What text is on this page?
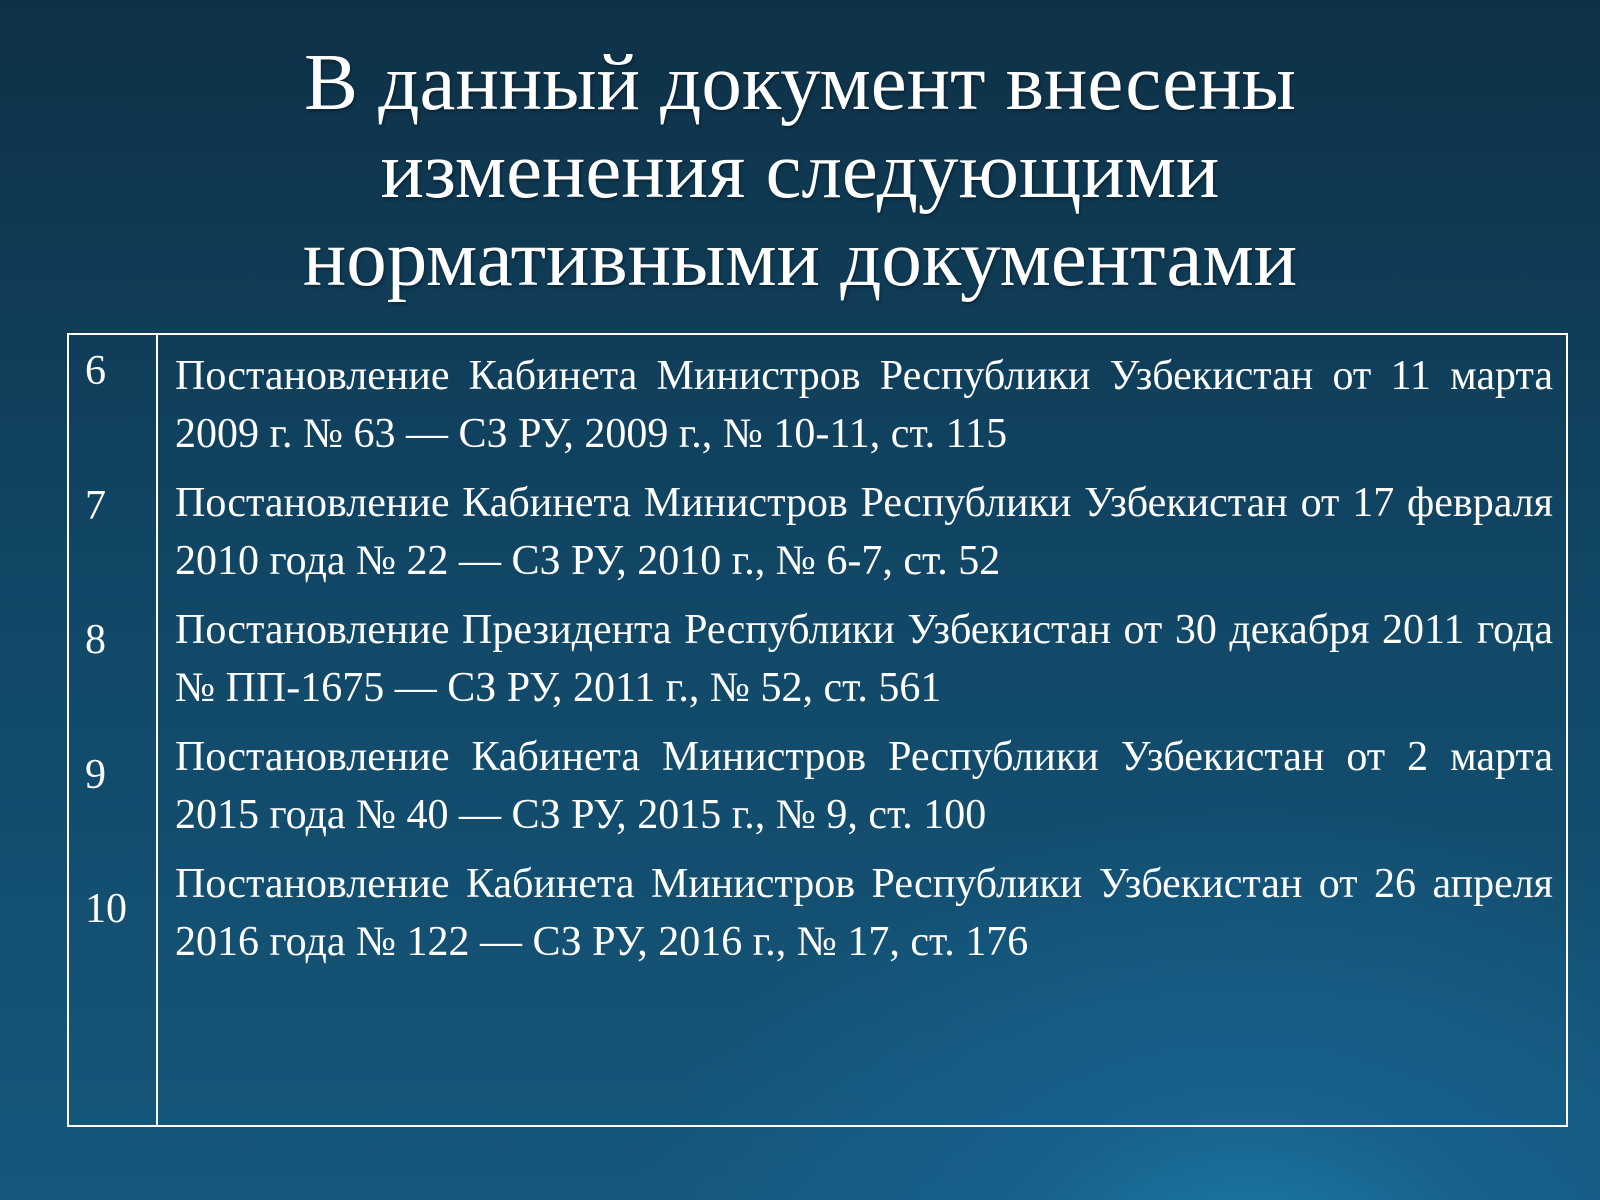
В данный документ внесены
изменения следующими
нормативными документами
6 Постановление Кабинета Министров Республики Узбекистан от 11 марта 2009 г. № 63 — СЗ РУ, 2009 г., № 10-11, ст. 115
7 Постановление Кабинета Министров Республики Узбекистан от 17 февраля 2010 года № 22 — СЗ РУ, 2010 г., № 6-7, ст. 52
8 Постановление Президента Республики Узбекистан от 30 декабря 2011 года № ПП-1675 — СЗ РУ, 2011 г., № 52, ст. 561
9 Постановление Кабинета Министров Республики Узбекистан от 2 марта 2015 года № 40 — СЗ РУ, 2015 г., № 9, ст. 100
10
Постановление Кабинета Министров Республики Узбекистан от 26 апреля 2016 года № 122 — СЗ РУ, 2016 г., № 17, ст. 176
